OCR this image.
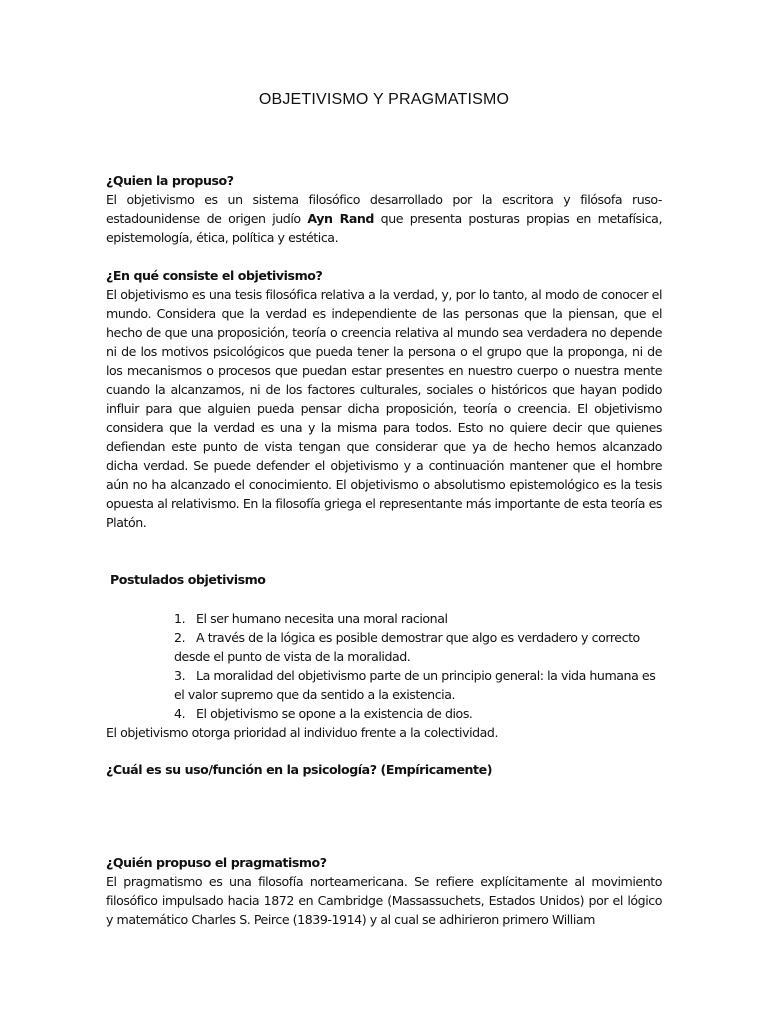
OBJETIVISMO Y PRAGMATISMO

¿Quien la propuso?

El objetivismo es un sistema filosófico desarrollado por la escritora y filósofa ruso-estadounidense de origen judío Ayn Rand que presenta posturas propias en metafísica, epistemología, ética, política y estética.

¿En qué consiste el objetivismo?

El objetivismo es una tesis filosófica relativa a la verdad, y, por lo tanto, al modo de conocer el mundo. Considera que la verdad es independiente de las personas que la piensan, que el hecho de que una proposición, teoría o creencia relativa al mundo sea verdadera no depende ni de los motivos psicológicos que pueda tener la persona o el grupo que la proponga, ni de los mecanismos o procesos que puedan estar presentes en nuestro cuerpo o nuestra mente cuando la alcanzamos, ni de los factores culturales, sociales o históricos que hayan podido influir para que alguien pueda pensar dicha proposición, teoría o creencia. El objetivismo considera que la verdad es una y la misma para todos. Esto no quiere decir que quienes defiendan este punto de vista tengan que considerar que ya de hecho hemos alcanzado dicha verdad. Se puede defender el objetivismo y a continuación mantener que el hombre aún no ha alcanzado el conocimiento. El objetivismo o absolutismo epistemológico es la tesis opuesta al relativismo. En la filosofía griega el representante más importante de esta teoría es Platón.

Postulados objetivismo

1. El ser humano necesita una moral racional
2. A través de la lógica es posible demostrar que algo es verdadero y correcto desde el punto de vista de la moralidad.
3. La moralidad del objetivismo parte de un principio general: la vida humana es el valor supremo que da sentido a la existencia.
4. El objetivismo se opone a la existencia de dios.

El objetivismo otorga prioridad al individuo frente a la colectividad.

¿Cuál es su uso/función en la psicología? (Empíricamente)

¿Quién propuso el pragmatismo?

El pragmatismo es una filosofía norteamericana. Se refiere explícitamente al movimiento filosófico impulsado hacia 1872 en Cambridge (Massassuchets, Estados Unidos) por el lógico y matemático Charles S. Peirce (1839-1914) y al cual se adhirieron primero William
